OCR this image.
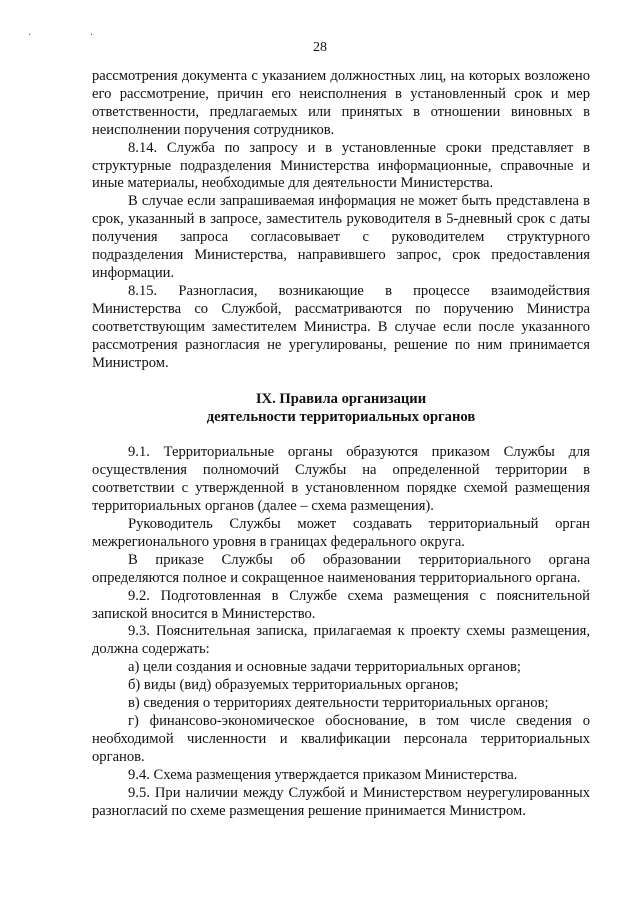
· ·
28

рассмотрения документа с указанием должностных лиц, на которых возложено его рассмотрение, причин его неисполнения в установленный срок и мер ответственности, предлагаемых или принятых в отношении виновных в неисполнении поручения сотрудников.

8.14. Служба по запросу и в установленные сроки представляет в структурные подразделения Министерства информационные, справочные и иные материалы, необходимые для деятельности Министерства.

В случае если запрашиваемая информация не может быть представлена в срок, указанный в запросе, заместитель руководителя в 5-дневный срок с даты получения запроса согласовывает с руководителем структурного подразделения Министерства, направившего запрос, срок предоставления информации.

8.15. Разногласия, возникающие в процессе взаимодействия Министерства со Службой, рассматриваются по поручению Министра соответствующим заместителем Министра. В случае если после указанного рассмотрения разногласия не урегулированы, решение по ним принимается Министром.

IX. Правила организации
деятельности территориальных органов

9.1. Территориальные органы образуются приказом Службы для осуществления полномочий Службы на определенной территории в соответствии с утвержденной в установленном порядке схемой размещения территориальных органов (далее – схема размещения).

Руководитель Службы может создавать территориальный орган межрегионального уровня в границах федерального округа.

В приказе Службы об образовании территориального органа определяются полное и сокращенное наименования территориального органа.

9.2. Подготовленная в Службе схема размещения с пояснительной запиской вносится в Министерство.

9.3. Пояснительная записка, прилагаемая к проекту схемы размещения, должна содержать:

а) цели создания и основные задачи территориальных органов;

б) виды (вид) образуемых территориальных органов;

в) сведения о территориях деятельности территориальных органов;

г) финансово-экономическое обоснование, в том числе сведения о необходимой численности и квалификации персонала территориальных органов.

9.4. Схема размещения утверждается приказом Министерства.

9.5. При наличии между Службой и Министерством неурегулированных разногласий по схеме размещения решение принимается Министром.
